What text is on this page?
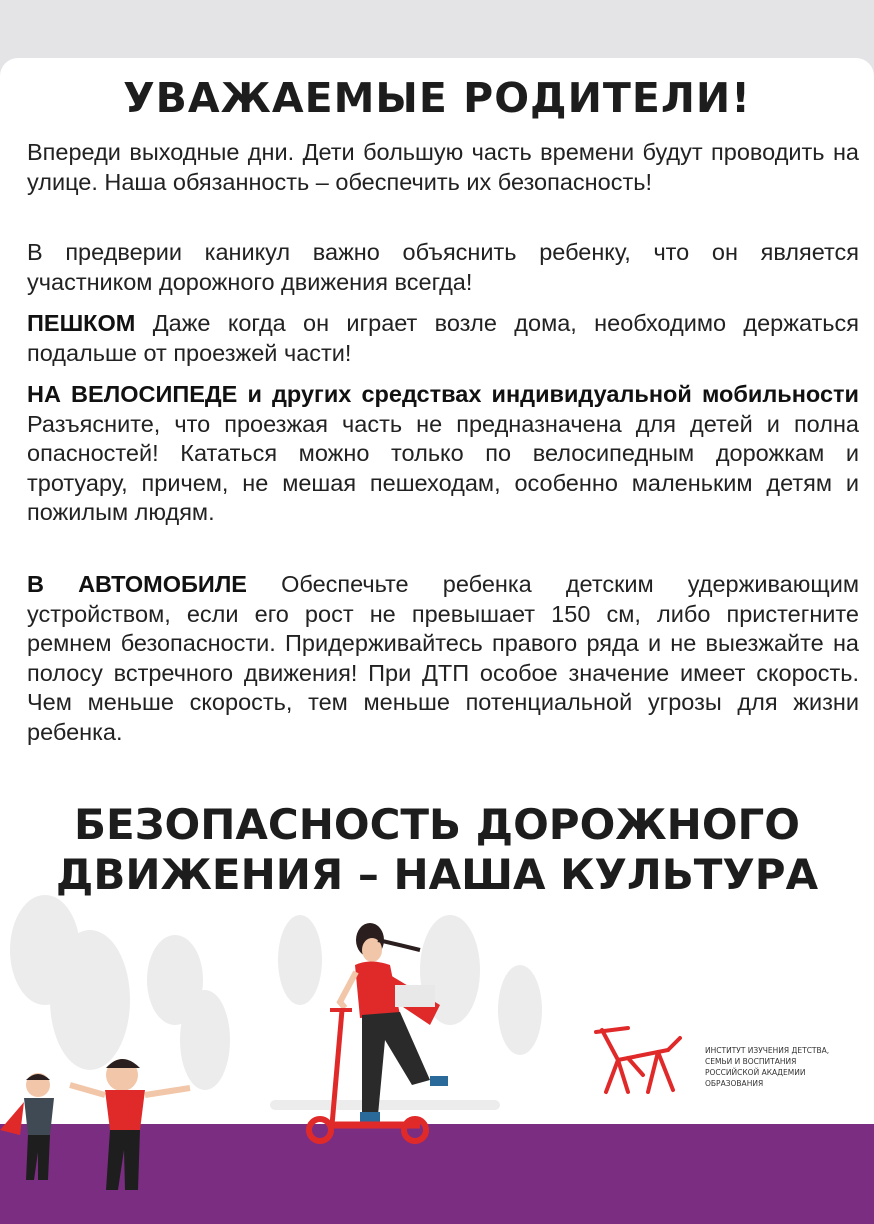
УВАЖАЕМЫЕ РОДИТЕЛИ!

Впереди выходные дни. Дети большую часть времени будут проводить на улице. Наша обязанность – обеспечить их безопасность!

В предверии каникул важно объяснить ребенку, что он является участником дорожного движения всегда!

ПЕШКОМ Даже когда он играет возле дома, необходимо держаться подальше от проезжей части!

НА ВЕЛОСИПЕДЕ и других средствах индивидуальной мобильности Разъясните, что проезжая часть не предназначена для детей и полна опасностей! Кататься можно только по велосипедным дорожкам и тротуару, причем, не мешая пешеходам, особенно маленьким детям и пожилым людям.

В АВТОМОБИЛЕ Обеспечьте ребенка детским удерживающим устройством, если его рост не превышает 150 см, либо пристегните ремнем безопасности. Придерживайтесь правого ряда и не выезжайте на полосу встречного движения! При ДТП особое значение имеет скорость. Чем меньше скорость, тем меньше потенциальной угрозы для жизни ребенка.

БЕЗОПАСНОСТЬ ДОРОЖНОГО
ДВИЖЕНИЯ – НАША КУЛЬТУРА
ИНСТИТУТ ИЗУЧЕНИЯ ДЕТСТВА,
СЕМЬИ И ВОСПИТАНИЯ
РОССИЙСКОЙ АКАДЕМИИ
ОБРАЗОВАНИЯ
